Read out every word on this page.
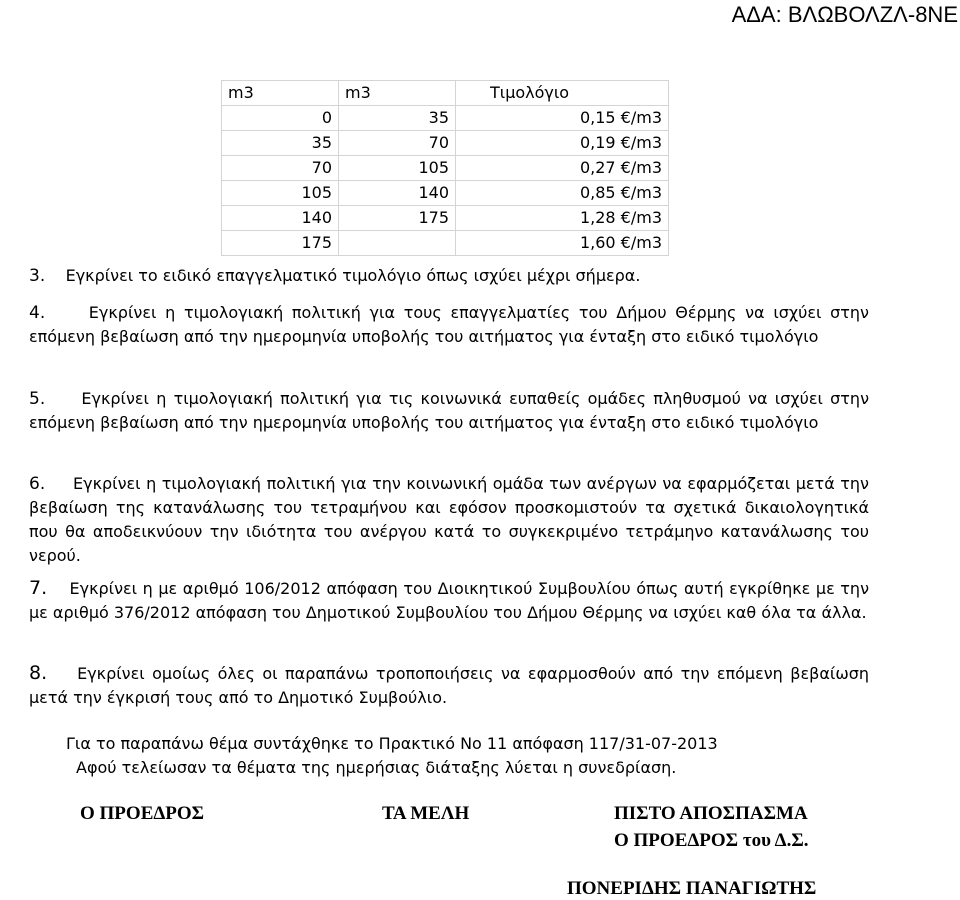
ΑΔΑ: ΒΛΩΒΟΛΖΛ-8ΝΕ
m3	m3	Τιμολόγιο
0	35	0,15 €/m3
35	70	0,19 €/m3
70	105	0,27 €/m3
105	140	0,85 €/m3
140	175	1,28 €/m3
175		1,60 €/m3
3. Εγκρίνει το ειδικό επαγγελματικό τιμολόγιο όπως ισχύει μέχρι σήμερα.
4.	Εγκρίνει η τιμολογιακή πολιτική για τους επαγγελματίες του Δήμου Θέρμης να ισχύει στην επόμενη βεβαίωση από την ημερομηνία υποβολής του αιτήματος για ένταξη στο ειδικό τιμολόγιο
5. Εγκρίνει η τιμολογιακή πολιτική για τις κοινωνικά ευπαθείς ομάδες πληθυσμού να ισχύει στην επόμενη βεβαίωση από την ημερομηνία υποβολής του αιτήματος για ένταξη στο ειδικό τιμολόγιο
6. Εγκρίνει η τιμολογιακή πολιτική για την κοινωνική ομάδα των ανέργων να εφαρμόζεται μετά την βεβαίωση της κατανάλωσης του τετραμήνου και εφόσον προσκομιστούν τα σχετικά δικαιολογητικά που θα αποδεικνύουν την ιδιότητα του ανέργου κατά το συγκεκριμένο τετράμηνο κατανάλωσης του νερού.
7. Εγκρίνει η με αριθμό 106/2012 απόφαση του Διοικητικού Συμβουλίου όπως αυτή εγκρίθηκε με την με αριθμό 376/2012 απόφαση του Δημοτικού Συμβουλίου του Δήμου Θέρμης να ισχύει καθ όλα τα άλλα.
8. Εγκρίνει ομοίως όλες οι παραπάνω τροποποιήσεις να εφαρμοσθούν από την επόμενη βεβαίωση μετά την έγκρισή τους από το Δημοτικό Συμβούλιο.
Για το παραπάνω θέμα συντάχθηκε το Πρακτικό Νο 11 απόφαση 117/31-07-2013
Αφού τελείωσαν τα θέματα της ημερήσιας διάταξης λύεται η συνεδρίαση.
Ο ΠΡΟΕΔΡΟΣ	ΤΑ ΜΕΛΗ	ΠΙΣΤΟ ΑΠΟΣΠΑΣΜΑ
Ο ΠΡΟΕΔΡΟΣ του Δ.Σ.
ΠΟΝΕΡΙΔΗΣ ΠΑΝΑΓΙΩΤΗΣ
